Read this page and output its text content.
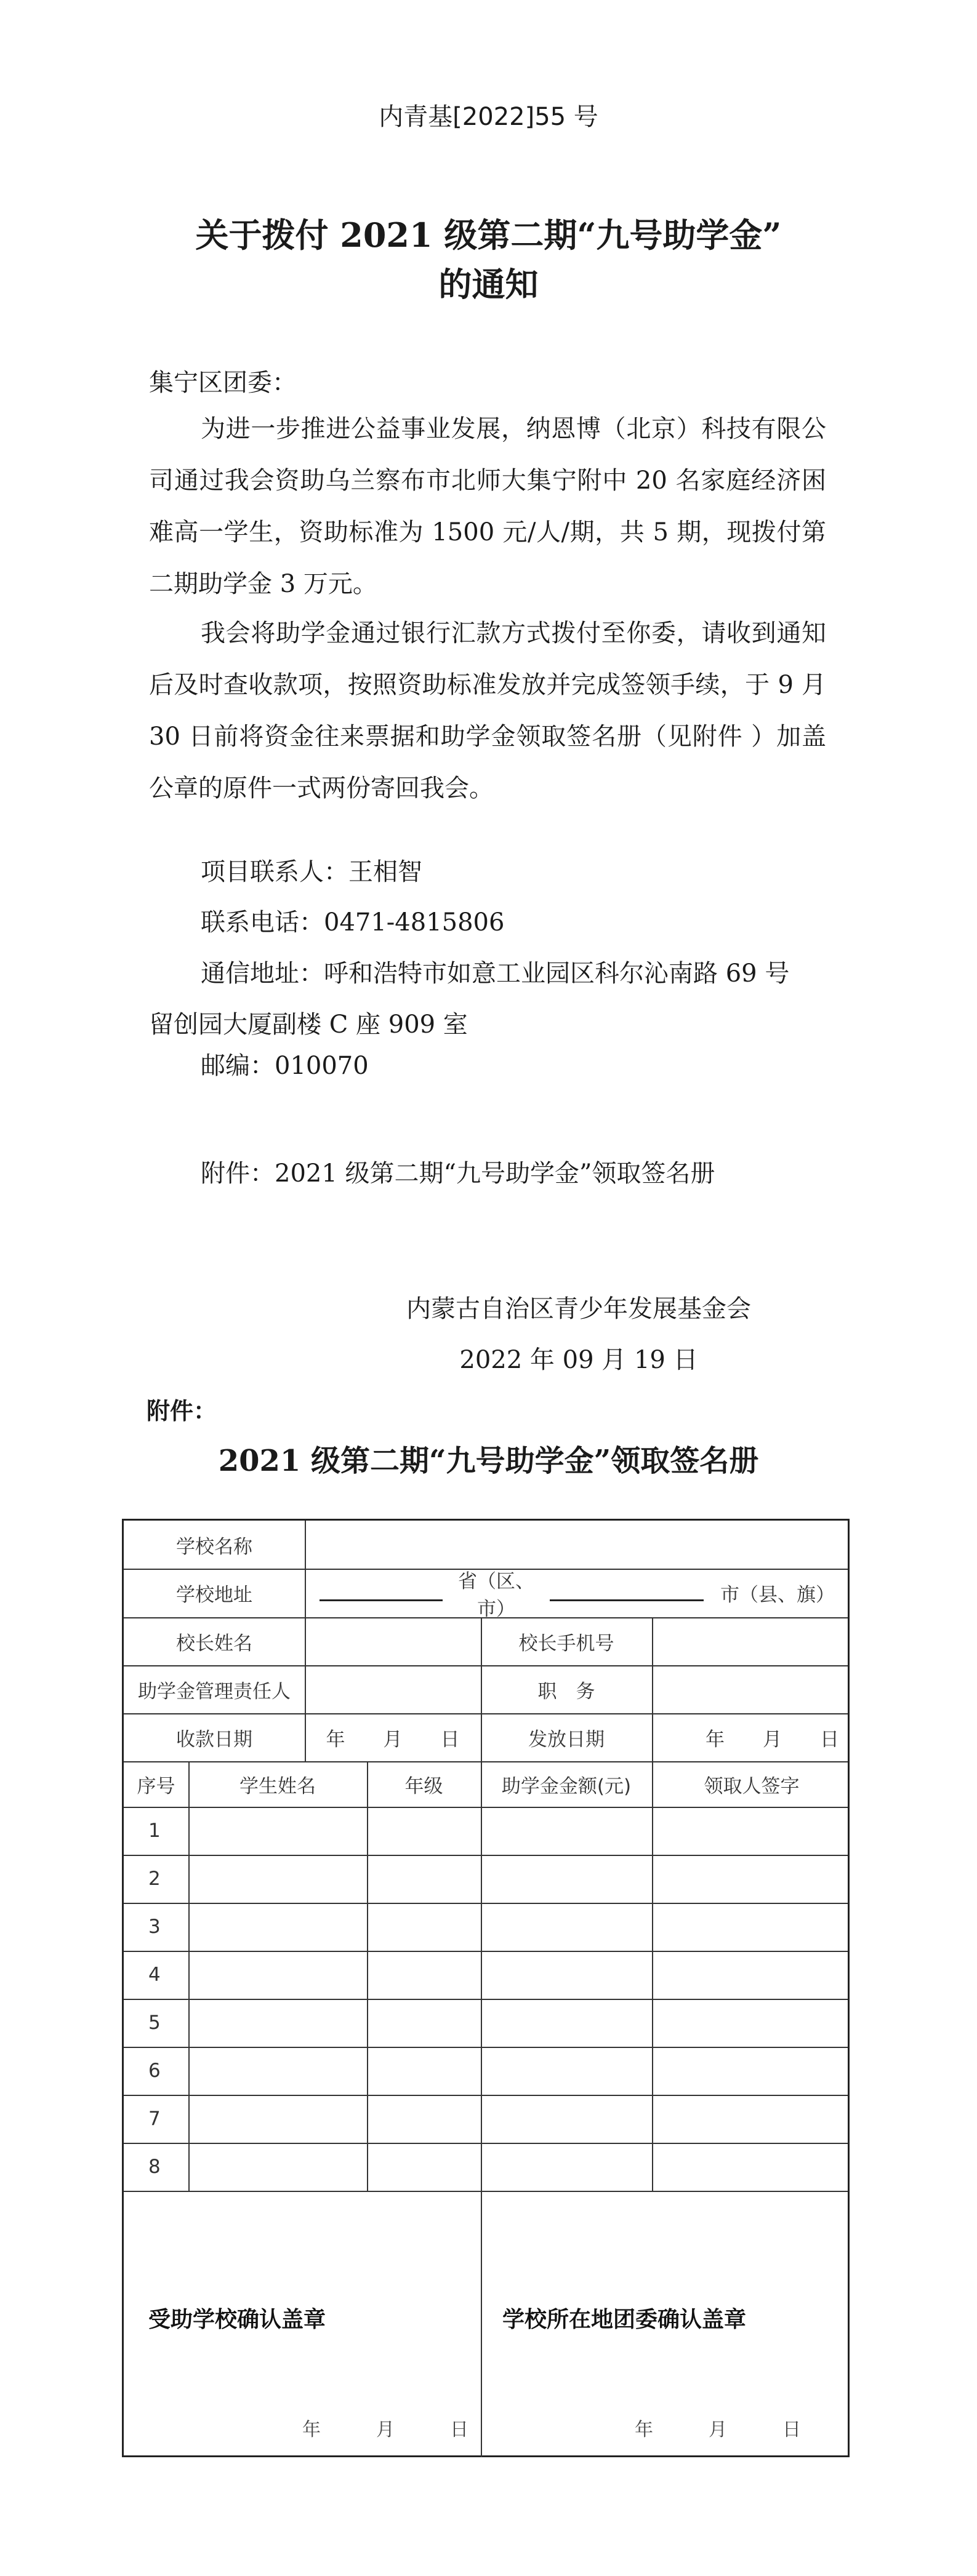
内青基[2022]55 号
关于拨付 2021 级第二期“九号助学金”
的通知
集宁区团委：
为进一步推进公益事业发展，纳恩博（北京）科技有限公司通过我会资助乌兰察布市北师大集宁附中 20 名家庭经济困难高一学生，资助标准为 1500 元/人/期，共 5 期，现拨付第二期助学金 3 万元。
我会将助学金通过银行汇款方式拨付至你委，请收到通知后及时查收款项，按照资助标准发放并完成签领手续，于 9 月 30 日前将资金往来票据和助学金领取签名册（见附件 ）加盖公章的原件一式两份寄回我会。
项目联系人：王相智
联系电话：0471-4815806
通信地址：呼和浩特市如意工业园区科尔沁南路 69 号
留创园大厦副楼 C 座 909 室
邮编：010070
附件：2021 级第二期“九号助学金”领取签名册
内蒙古自治区青少年发展基金会
2022 年 09 月 19 日
附件：
2021 级第二期“九号助学金”领取签名册
学校名称
学校地址
省（区、市）
市（县、旗）
校长姓名	校长手机号
助学金管理责任人	职　务
收款日期	年　　月　　日	发放日期	年　　月　　日
序号	学生姓名	年级	助学金金额(元)	领取人签字
1
2
3
4
5
6
7
8
受助学校确认盖章	学校所在地团委确认盖章
年　　　月　　　日	年　　　月　　　日
